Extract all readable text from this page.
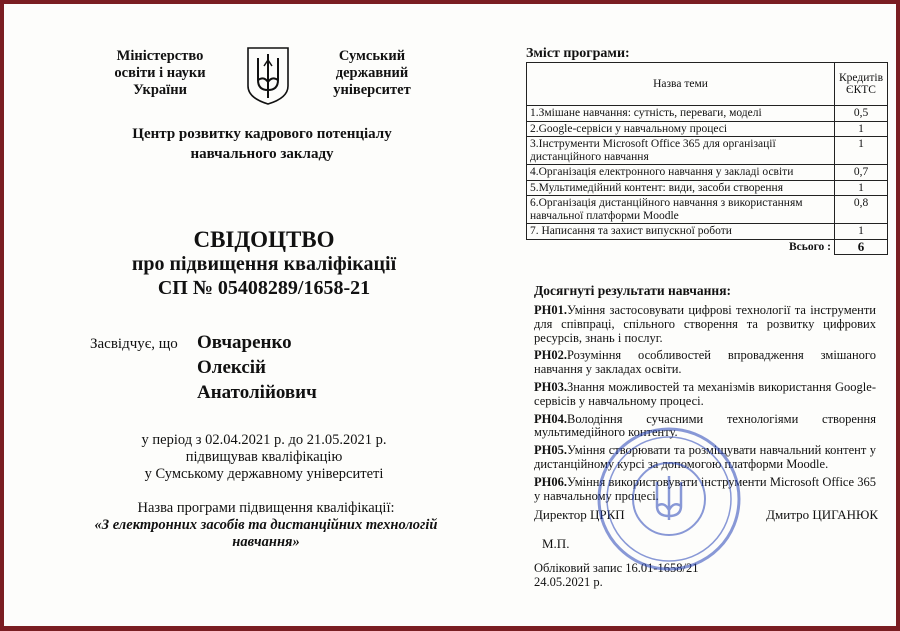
Міністерство освіти і науки України
Сумський державний університет
Центр розвитку кадрового потенціалу навчального закладу
СВІДОЦТВО
про підвищення кваліфікації
СП № 05408289/1658-21
Засвідчує, що Овчаренко
Олексій
Анатолійович
у період з 02.04.2021 р. до 21.05.2021 р.
підвищував кваліфікацію
у Сумському державному університеті
Назва програми підвищення кваліфікації:
«З електронних засобів та дистанційних технологій навчання»
Зміст програми:
Назва теми	Кредитів ЄКТС
1.Змішане навчання: сутність, переваги, моделі	0,5
2.Google-сервіси у навчальному процесі	1
3.Інструменти Microsoft Office 365 для організації дистанційного навчання	1
4.Організація електронного навчання у закладі освіти	0,7
5.Мультимедійний контент: види, засоби створення	1
6.Організація дистанційного навчання з використанням навчальної платформи Moodle	0,8
7. Написання та захист випускної роботи	1
Всього :	6
Досягнуті результати навчання:

РН01.Уміння застосовувати цифрові технології та інструменти для співпраці, спільного створення та розвитку цифрових ресурсів, знань і послуг.

РН02.Розуміння особливостей впровадження змішаного навчання у закладах освіти.

РН03.Знання можливостей та механізмів використання Google-сервісів у навчальному процесі.

РН04.Володіння сучасними технологіями створення мультимедійного контенту.

РН05.Уміння створювати та розміщувати навчальний контент у дистанційному курсі за допомогою платформи Moodle.

РН06.Уміння використовувати інструменти Microsoft Office 365 у навчальному процесі.

Директор ЦРКП	Дмитро ЦИГАНЮК
М.П.
Обліковий запис 16.01-1658/21
24.05.2021 р.
